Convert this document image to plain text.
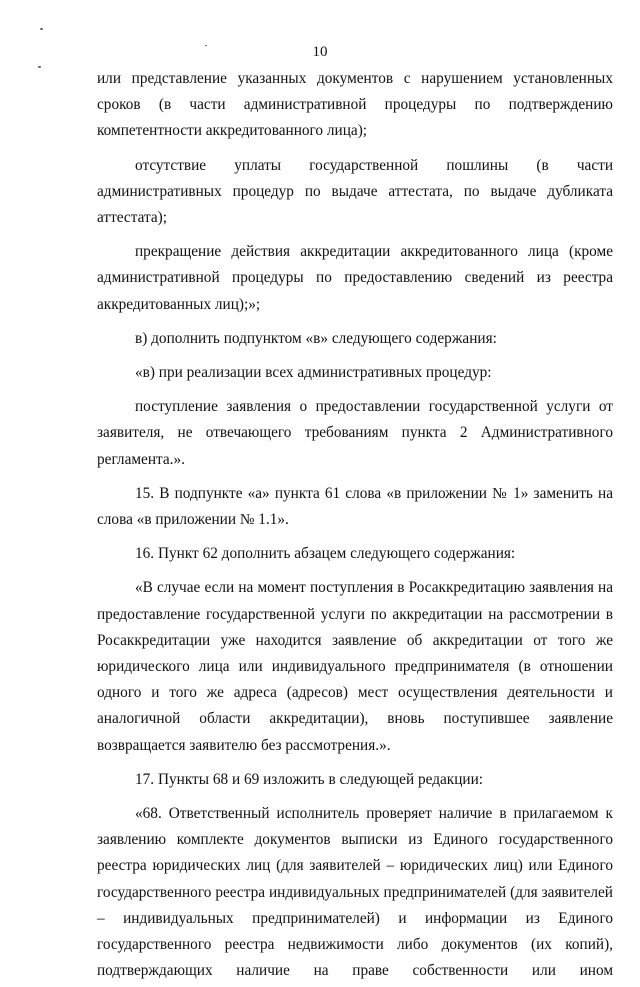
10

или представление указанных документов с нарушением установленных сроков (в части административной процедуры по подтверждению компетентности аккредитованного лица);

отсутствие уплаты государственной пошлины (в части административных процедур по выдаче аттестата, по выдаче дубликата аттестата);

прекращение действия аккредитации аккредитованного лица (кроме административной процедуры по предоставлению сведений из реестра аккредитованных лиц);»;

в) дополнить подпунктом «в» следующего содержания:

«в) при реализации всех административных процедур:

поступление заявления о предоставлении государственной услуги от заявителя, не отвечающего требованиям пункта 2 Административного регламента.».

15. В подпункте «а» пункта 61 слова «в приложении № 1» заменить на слова «в приложении № 1.1».

16. Пункт 62 дополнить абзацем следующего содержания:

«В случае если на момент поступления в Росаккредитацию заявления на предоставление государственной услуги по аккредитации на рассмотрении в Росаккредитации уже находится заявление об аккредитации от того же юридического лица или индивидуального предпринимателя (в отношении одного и того же адреса (адресов) мест осуществления деятельности и аналогичной области аккредитации), вновь поступившее заявление возвращается заявителю без рассмотрения.».

17. Пункты 68 и 69 изложить в следующей редакции:

«68. Ответственный исполнитель проверяет наличие в прилагаемом к заявлению комплекте документов выписки из Единого государственного реестра юридических лиц (для заявителей – юридических лиц) или Единого государственного реестра индивидуальных предпринимателей (для заявителей – индивидуальных предпринимателей) и информации из Единого государственного реестра недвижимости либо документов (их копий), подтверждающих наличие на праве собственности или ином
